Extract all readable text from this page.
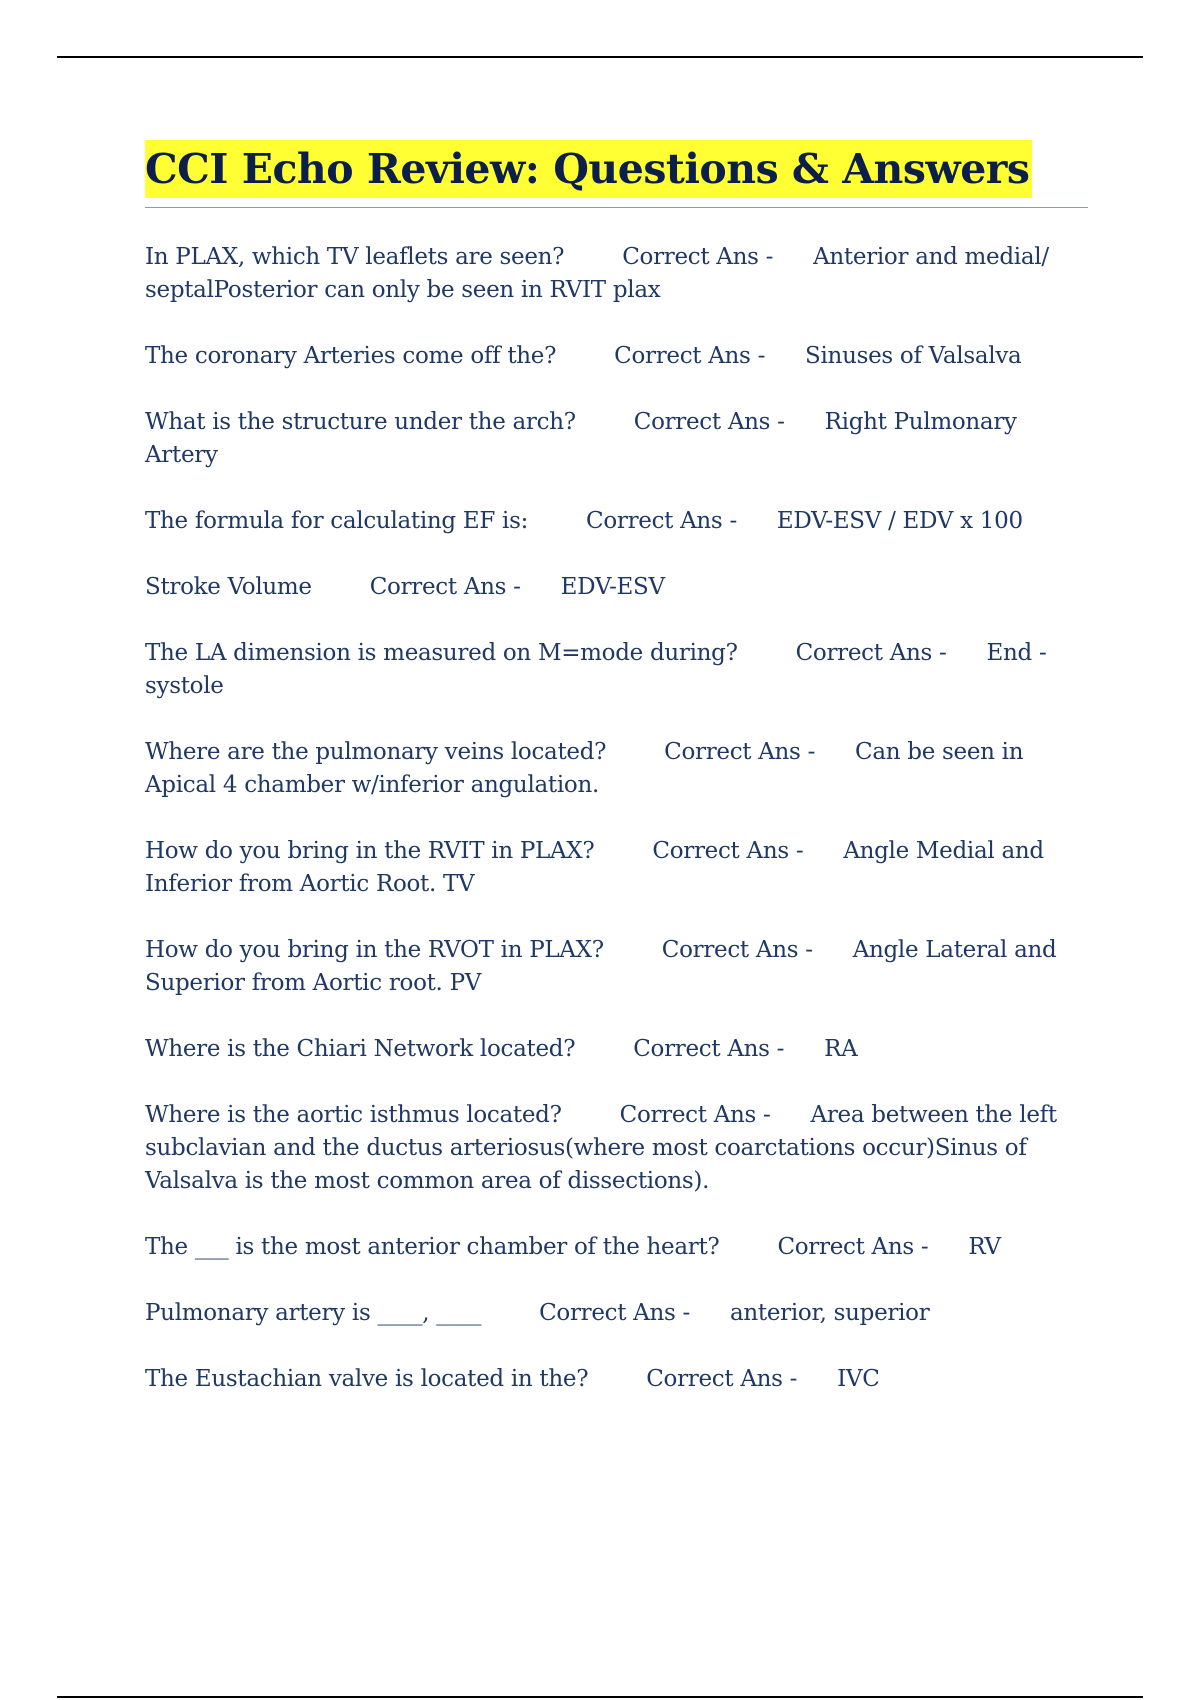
CCI Echo Review: Questions & Answers
In PLAX, which TV leaflets are seen?	Correct Ans - Anterior and medial/ septalPosterior can only be seen in RVIT plax
The coronary Arteries come off the?	Correct Ans - Sinuses of Valsalva
What is the structure under the arch?	Correct Ans - Right Pulmonary Artery
The formula for calculating EF is:	Correct Ans - EDV-ESV / EDV x 100
Stroke Volume	Correct Ans - EDV-ESV
The LA dimension is measured on M=mode during?	Correct Ans - End -systole
Where are the pulmonary veins located?	Correct Ans - Can be seen in Apical 4 chamber w/inferior angulation.
How do you bring in the RVIT in PLAX?	Correct Ans - Angle Medial and Inferior from Aortic Root. TV
How do you bring in the RVOT in PLAX?	Correct Ans - Angle Lateral and Superior from Aortic root. PV
Where is the Chiari Network located?	Correct Ans - RA
Where is the aortic isthmus located?	Correct Ans - Area between the left subclavian and the ductus arteriosus(where most coarctations occur)Sinus of Valsalva is the most common area of dissections).
The ___ is the most anterior chamber of the heart?	Correct Ans - RV
Pulmonary artery is ____, ____	Correct Ans - anterior, superior
The Eustachian valve is located in the?	Correct Ans - IVC
